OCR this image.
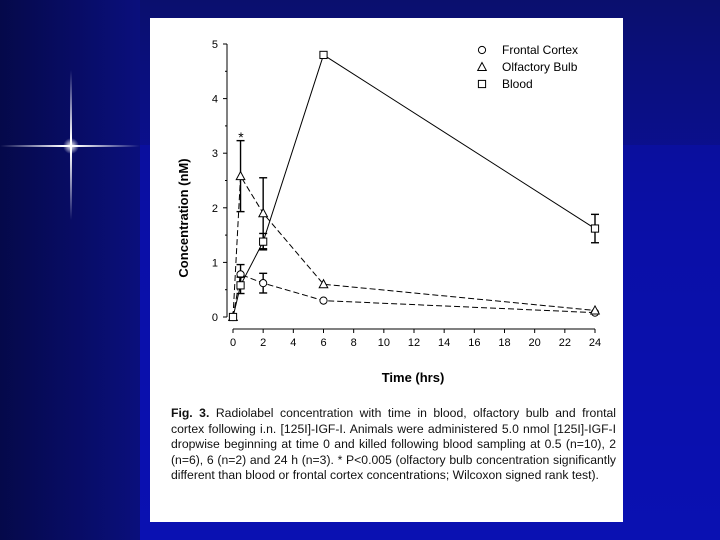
0
1
2
3
4
5
0 2 4 6 8 10 12 14 16 18 20 22 24
Frontal Cortex
Olfactory Bulb
Blood
Concentration (nM)
Time (hrs)
*
Fig. 3. Radiolabel concentration with time in blood, olfactory bulb and frontal cortex following i.n. [125I]-IGF-I. Animals were administered 5.0 nmol [125I]-IGF-I dropwise beginning at time 0 and killed following blood sampling at 0.5 (n=10), 2 (n=6), 6 (n=2) and 24 h (n=3). * P<0.005 (olfactory bulb concentration significantly different than blood or frontal cortex concentrations; Wilcoxon signed rank test).
